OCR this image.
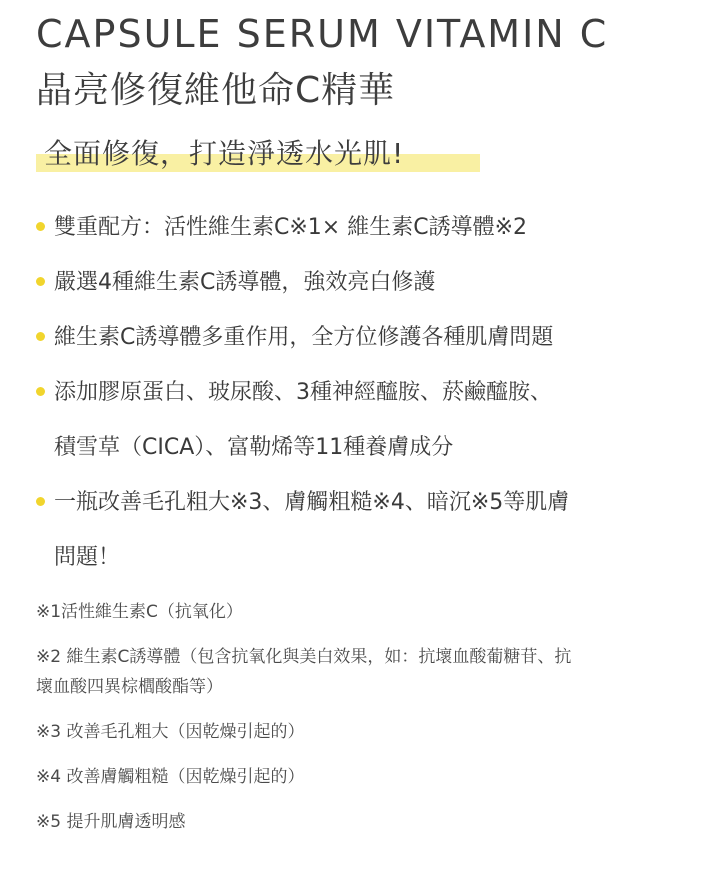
CAPSULE SERUM VITAMIN C
晶亮修復維他命C精華
全面修復，打造淨透水光肌!
雙重配方：活性維生素C※1× 維生素C誘導體※2
嚴選4種維生素C誘導體，強效亮白修護
維生素C誘導體多重作用，全方位修護各種肌膚問題
添加膠原蛋白、玻尿酸、3種神經醯胺、菸鹼醯胺、
積雪草（CICA）、富勒烯等11種養膚成分
一瓶改善毛孔粗大※3、膚觸粗糙※4、暗沉※5等肌膚
問題！
※1活性維生素C（抗氧化）
※2 維生素C誘導體（包含抗氧化與美白效果，如：抗壞血酸葡糖苷、抗
壞血酸四異棕櫚酸酯等）
※3 改善毛孔粗大（因乾燥引起的）
※4 改善膚觸粗糙（因乾燥引起的）
※5 提升肌膚透明感
